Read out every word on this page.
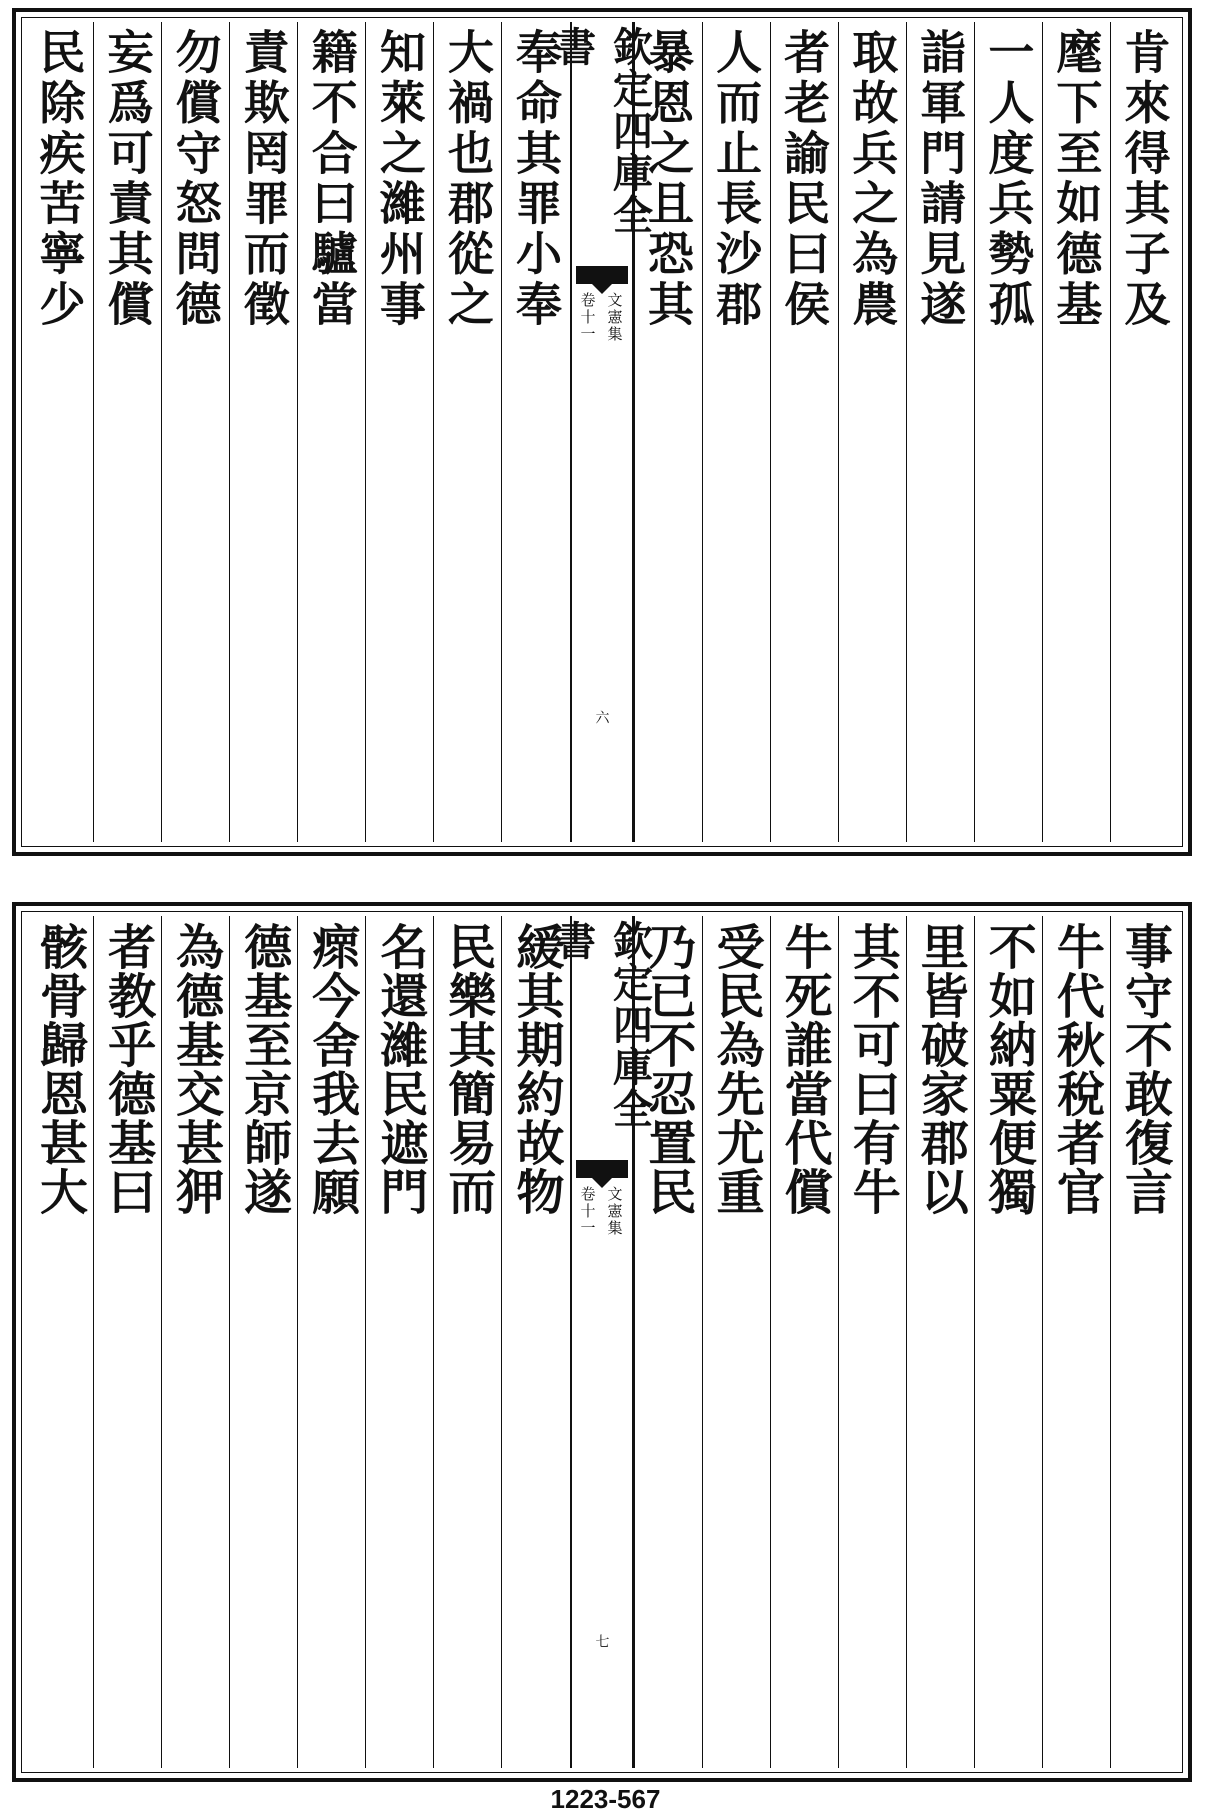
肯來得其子及
麾下至如德基
一人度兵勢孤
詣軍門請見遂
取故兵之為農
者老諭民曰侯
人而止長沙郡
暴恩之且恐其
欽定四庫全書
文憲集
卷十一
六
奉命其罪小奉
大禍也郡從之
知萊之濰州事
籍不合曰驢當
責欺罔罪而徵
勿償守怒問德
妄爲可責其償
民除疾苦寧少
事守不敢復言
牛代秋稅者官
不如納粟便獨
里皆破家郡以
其不可曰有牛
牛死誰當代償
受民為先尤重
乃已不忍置民
欽定四庫全書
文憲集
卷十一
七
緩其期約故物
民樂其簡易而
名還濰民遮門
瘝今舍我去願
德基至京師遂
為德基交甚狎
者教乎德基曰
骸骨歸恩甚大
1223-567
